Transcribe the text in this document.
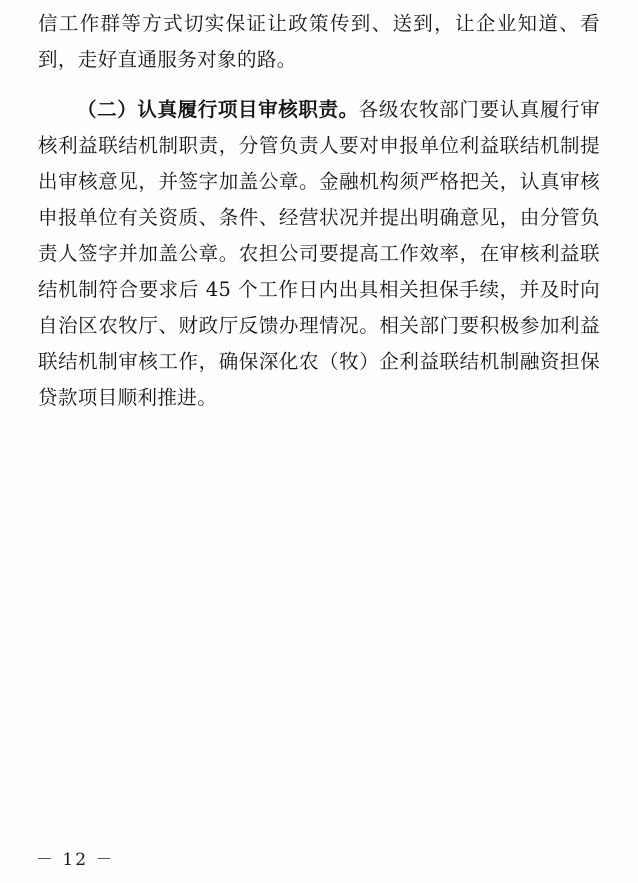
信工作群等方式切实保证让政策传到、送到，让企业知道、看到，走好直通服务对象的路。

（二）认真履行项目审核职责。各级农牧部门要认真履行审核利益联结机制职责，分管负责人要对申报单位利益联结机制提出审核意见，并签字加盖公章。金融机构须严格把关，认真审核申报单位有关资质、条件、经营状况并提出明确意见，由分管负责人签字并加盖公章。农担公司要提高工作效率，在审核利益联结机制符合要求后 45 个工作日内出具相关担保手续，并及时向自治区农牧厅、财政厅反馈办理情况。相关部门要积极参加利益联结机制审核工作，确保深化农（牧）企利益联结机制融资担保贷款项目顺利推进。

－ 12 －
